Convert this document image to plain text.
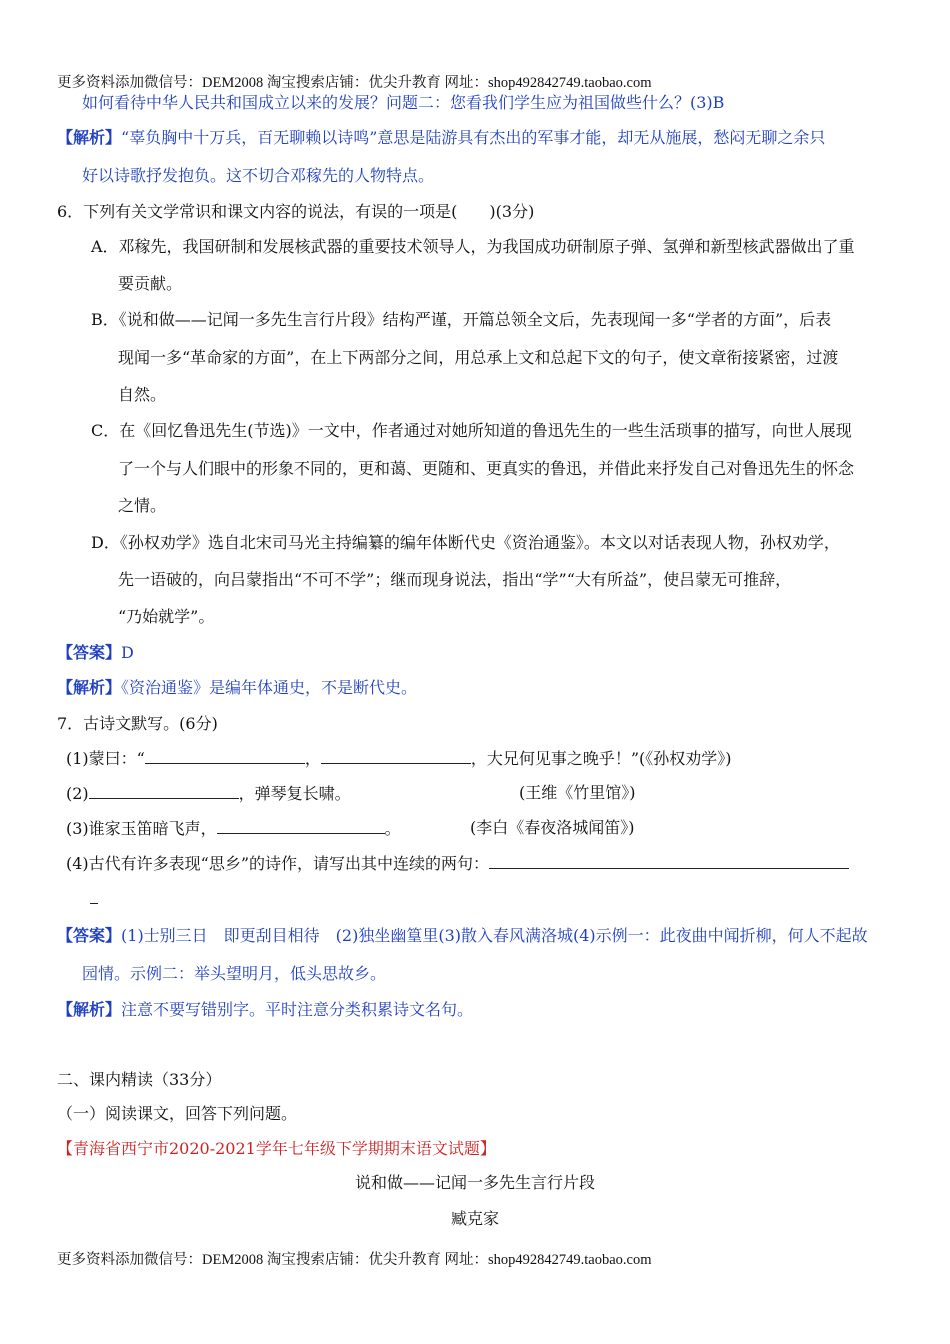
更多资料添加微信号：DEM2008 淘宝搜索店铺：优尖升教育 网址：shop492842749.taobao.com
如何看待中华人民共和国成立以来的发展？问题二：您看我们学生应为祖国做些什么？(3)B
【解析】“辜负胸中十万兵，百无聊赖以诗鸣”意思是陆游具有杰出的军事才能，却无从施展，愁闷无聊之余只
好以诗歌抒发抱负。这不切合邓稼先的人物特点。
6．下列有关文学常识和课文内容的说法，有误的一项是(　　)(3分)
A．邓稼先，我国研制和发展核武器的重要技术领导人，为我国成功研制原子弹、氢弹和新型核武器做出了重
要贡献。
B．《说和做——记闻一多先生言行片段》结构严谨，开篇总领全文后，先表现闻一多“学者的方面”，后表
现闻一多“革命家的方面”，在上下两部分之间，用总承上文和总起下文的句子，使文章衔接紧密，过渡
自然。
C．在《回忆鲁迅先生(节选)》一文中，作者通过对她所知道的鲁迅先生的一些生活琐事的描写，向世人展现
了一个与人们眼中的形象不同的，更和蔼、更随和、更真实的鲁迅，并借此来抒发自己对鲁迅先生的怀念
之情。
D．《孙权劝学》选自北宋司马光主持编纂的编年体断代史《资治通鉴》。本文以对话表现人物，孙权劝学，
先一语破的，向吕蒙指出“不可不学”；继而现身说法，指出“学”“大有所益”，使吕蒙无可推辞，
“乃始就学”。
【答案】D
【解析】《资治通鉴》是编年体通史，不是断代史。
7．古诗文默写。(6分)
(1)蒙曰：“	，	，大兄何见事之晚乎！”(《孙权劝学》)
(2)	，弹琴复长啸。	(王维《竹里馆》)
(3)谁家玉笛暗飞声，	。	(李白《春夜洛城闻笛》)
(4)古代有许多表现“思乡”的诗作，请写出其中连续的两句：
【答案】(1)士别三日　即更刮目相待　(2)独坐幽篁里(3)散入春风满洛城(4)示例一：此夜曲中闻折柳，何人不起故
园情。示例二：举头望明月，低头思故乡。
【解析】注意不要写错别字。平时注意分类积累诗文名句。
二、课内精读（33分）
（一）阅读课文，回答下列问题。
【青海省西宁市2020-2021学年七年级下学期期末语文试题】
说和做——记闻一多先生言行片段
臧克家
更多资料添加微信号：DEM2008 淘宝搜索店铺：优尖升教育 网址：shop492842749.taobao.com
